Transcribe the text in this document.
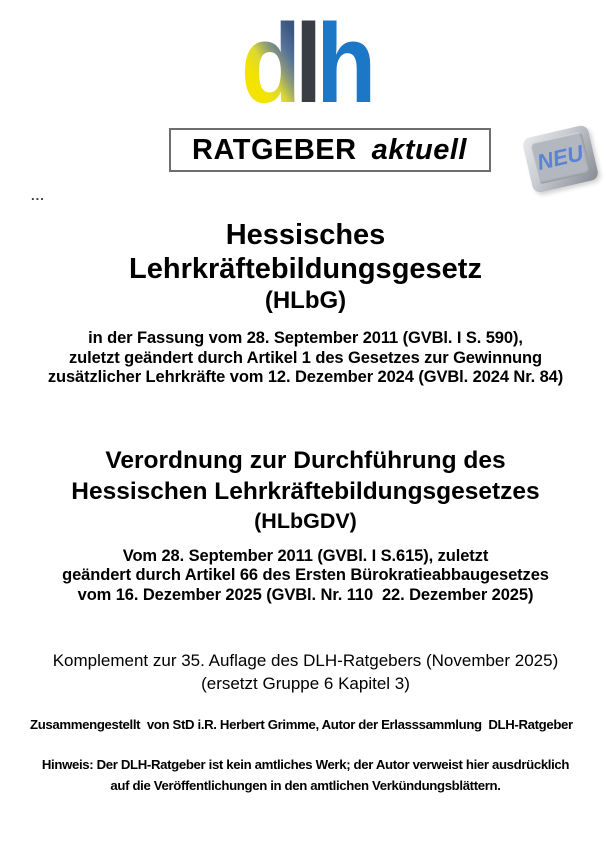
dlh
RATGEBER aktuell	NEU
...
Hessisches
Lehrkräftebildungsgesetz
(HLbG)
in der Fassung vom 28. September 2011 (GVBl. I S. 590),
zuletzt geändert durch Artikel 1 des Gesetzes zur Gewinnung
zusätzlicher Lehrkräfte vom 12. Dezember 2024 (GVBl. 2024 Nr. 84)
Verordnung zur Durchführung des
Hessischen Lehrkräftebildungsgesetzes
(HLbGDV)
Vom 28. September 2011 (GVBl. I S.615), zuletzt
geändert durch Artikel 66 des Ersten Bürokratieabbaugesetzes
vom 16. Dezember 2025 (GVBl. Nr. 110  22. Dezember 2025)
Komplement zur 35. Auflage des DLH-Ratgebers (November 2025)
(ersetzt Gruppe 6 Kapitel 3)
Zusammengestellt  von StD i.R. Herbert Grimme, Autor der Erlasssammlung  DLH-Ratgeber
Hinweis: Der DLH-Ratgeber ist kein amtliches Werk; der Autor verweist hier ausdrücklich
auf die Veröffentlichungen in den amtlichen Verkündungsblättern.
